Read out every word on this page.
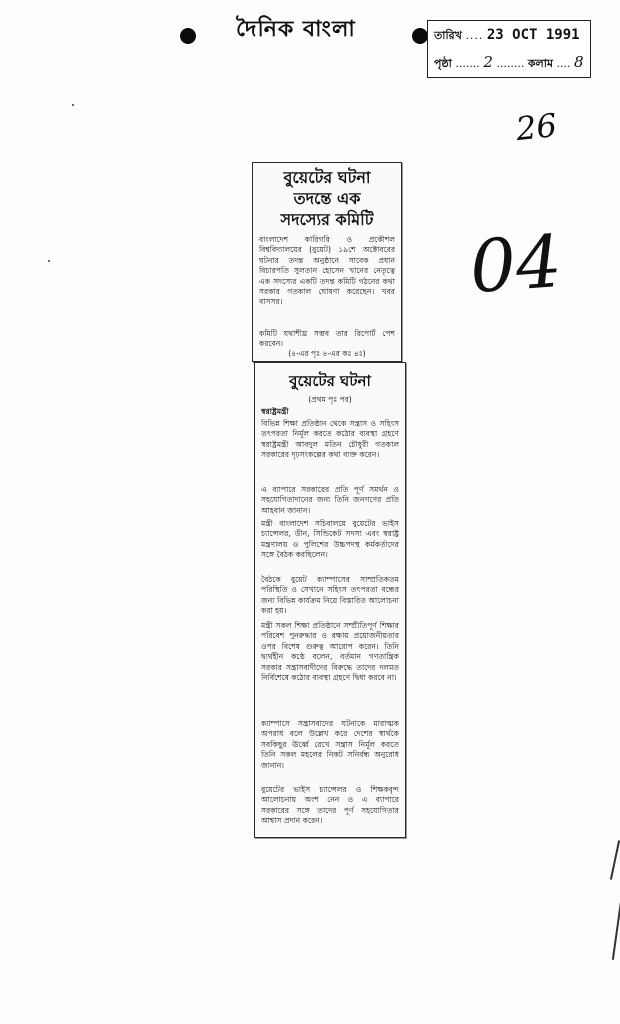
দৈনিক বাংলা	তারিখ .... 23 OCT 1991
পৃষ্ঠা ....... 2 ........ কলাম .... 8
26
04
বুয়েটের ঘটনা
তদন্তে এক
সদস্যের কমিটি
বাংলাদেশ কারিগরি ও প্রকৌশল বিশ্ববিদ্যালয়ের (বুয়েট) ১৯শে অক্টোবরের ঘটনার তদন্ত অনুষ্ঠানে সাবেক প্রধান বিচারপতি সুলতান হোসেন খানের নেতৃত্বে এক সদস্যের একটি তদন্ত কমিটি গঠনের কথা সরকার গতকাল ঘোষণা করেছেন। খবর বাসসর।
কমিটি যথাশীঘ্র সম্ভব তার রিপোর্ট পেশ করবেন।
(৪-এর পৃঃ ৪-এর কঃ ৪ঃ)
বুয়েটের ঘটনা
(প্রথম পৃঃ পর)
স্বরাষ্ট্রমন্ত্রী
বিভিন্ন শিক্ষা প্রতিষ্ঠান থেকে সন্ত্রাস ও সহিংস তৎপরতা নির্মূল করতে কঠোর ব্যবস্থা গ্রহণে স্বরাষ্ট্রমন্ত্রী আবদুল মতিন চৌধুরী গতকাল সরকারের দৃঢ়সংকল্পের কথা ব্যক্ত করেন।
এ ব্যাপারে সরকারের প্রতি পূর্ণ সমর্থন ও সহযোগিতাদানের জন্য তিনি জনগণের প্রতি আহবান জানান।
মন্ত্রী বাংলাদেশ সচিবালয়ে বুয়েটের ভাইস চ্যান্সেলর, ডীন, সিন্ডিকেট সদস্য এবং স্বরাষ্ট্র মন্ত্রণালয় ও পুলিশের উচ্চপদস্থ কর্মকর্তাদের সঙ্গে বৈঠক করছিলেন।
বৈঠকে বুয়েট ক্যাম্পাসের সাম্প্রতিকতম পরিস্থিতি ও সেখানে সহিংস তৎপরতা বন্ধের জন্য বিভিন্ন কার্যক্রম নিয়ে বিস্তারিত আলোচনা করা হয়।
মন্ত্রী সকল শিক্ষা প্রতিষ্ঠানে সম্প্রীতিপূর্ণ শিক্ষার পরিবেশ পুনরুদ্ধার ও রক্ষায় প্রয়োজনীয়তার ওপর বিশেষ গুরুত্ব আরোপ করেন। তিনি দ্ব্যর্থহীন কণ্ঠে বলেন, বর্তমান গণতান্ত্রিক সরকার সন্ত্রাসবাদীদের বিরুদ্ধে তাদের দলমত নির্বিশেষে কঠোর ব্যবস্থা গ্রহণে দ্বিধা করবে না।
ক্যাম্পাসে সন্ত্রাসবাদের ঘটনাকে মারাত্মক অপরাধ বলে উল্লেখ করে দেশের স্বার্থকে সবকিছুর ঊর্ধ্বে রেখে সন্ত্রাস নির্মূল করতে তিনি সকল মহলের নিকট সনির্বন্ধ অনুরোধ জানান।
বুয়েটের ভাইস চ্যান্সেলর ও শিক্ষকবৃন্দ আলোচনায় অংশ নেন ও এ ব্যাপারে সরকারের সঙ্গে তাদের পূর্ণ সহযোগিতার আশ্বাস প্রদান করেন।
